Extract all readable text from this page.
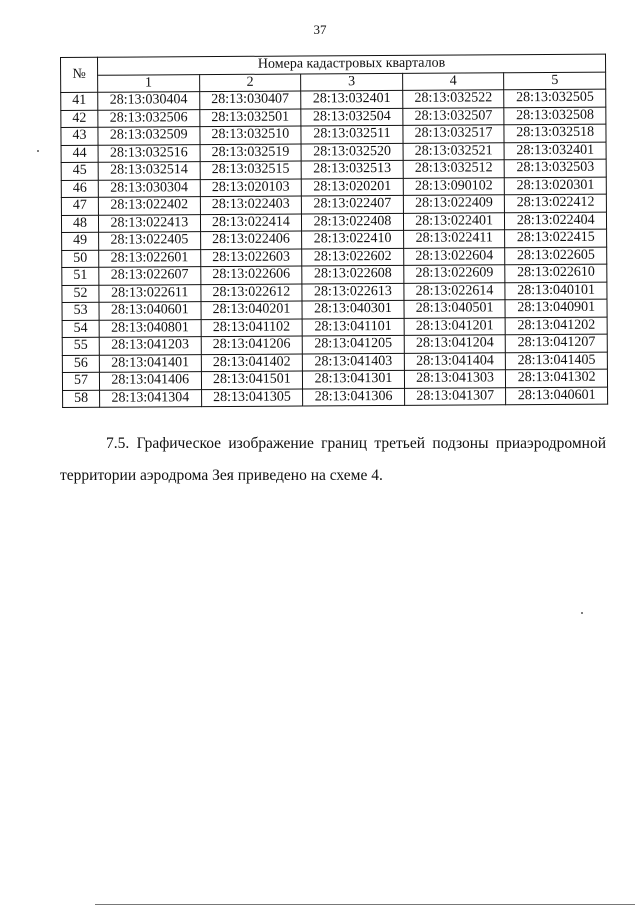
37
№	Номера кадастровых кварталов				
	1	2	3	4	5
41	28:13:030404	28:13:030407	28:13:032401	28:13:032522	28:13:032505
42	28:13:032506	28:13:032501	28:13:032504	28:13:032507	28:13:032508
43	28:13:032509	28:13:032510	28:13:032511	28:13:032517	28:13:032518
44	28:13:032516	28:13:032519	28:13:032520	28:13:032521	28:13:032401
45	28:13:032514	28:13:032515	28:13:032513	28:13:032512	28:13:032503
46	28:13:030304	28:13:020103	28:13:020201	28:13:090102	28:13:020301
47	28:13:022402	28:13:022403	28:13:022407	28:13:022409	28:13:022412
48	28:13:022413	28:13:022414	28:13:022408	28:13:022401	28:13:022404
49	28:13:022405	28:13:022406	28:13:022410	28:13:022411	28:13:022415
50	28:13:022601	28:13:022603	28:13:022602	28:13:022604	28:13:022605
51	28:13:022607	28:13:022606	28:13:022608	28:13:022609	28:13:022610
52	28:13:022611	28:13:022612	28:13:022613	28:13:022614	28:13:040101
53	28:13:040601	28:13:040201	28:13:040301	28:13:040501	28:13:040901
54	28:13:040801	28:13:041102	28:13:041101	28:13:041201	28:13:041202
55	28:13:041203	28:13:041206	28:13:041205	28:13:041204	28:13:041207
56	28:13:041401	28:13:041402	28:13:041403	28:13:041404	28:13:041405
57	28:13:041406	28:13:041501	28:13:041301	28:13:041303	28:13:041302
58	28:13:041304	28:13:041305	28:13:041306	28:13:041307	28:13:040601
7.5. Графическое изображение границ третьей подзоны приаэродромной
территории аэродрома Зея приведено на схеме 4.
